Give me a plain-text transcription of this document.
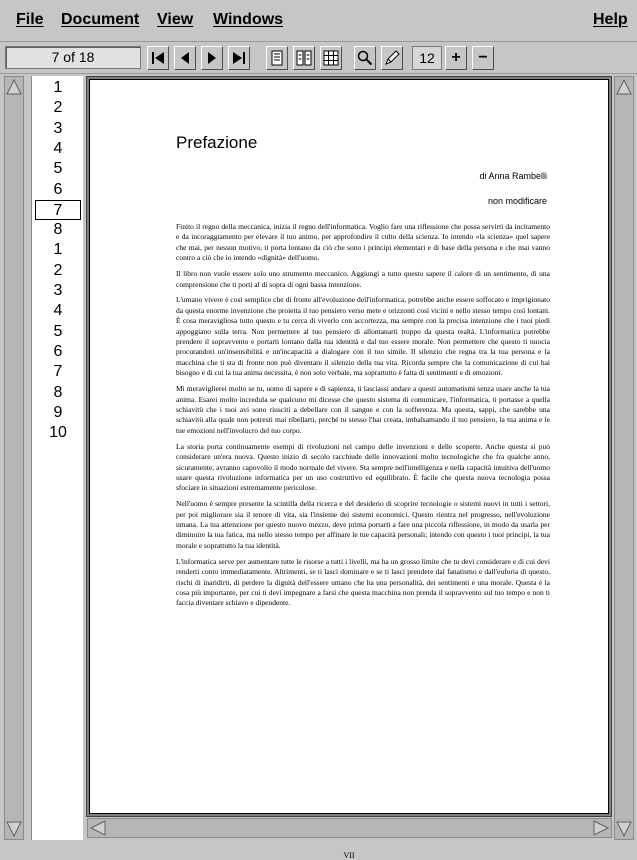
File Document View Windows	Help
7 of 18	12	+	−
1
2
3
4
5
6
7
8
1
2
3
4
5
6
7
8
9
10
Prefazione
di Anna Rambelli
non modificare

Finito il regno della meccanica, inizia il regno dell'informatica. Voglio fare una riflessione che possa servirti da incitamento e da incoraggiamento per elevare il tuo animo, per approfondire il culto della scienza. Io intendo «la scienza» quel sapere che mai, per nessun motivo, ti porta lontano da ciò che sono i principi elementari e di base della persona e che mai vanno contro a ciò che io intendo «dignità» dell'uomo.

Il libro non vuole essere solo uno strumento meccanico. Aggiungi a tutto questo sapere il calore di un sentimento, di una comprensione che ti porti al di sopra di ogni bassa intenzione.

L'umano vivere è così semplice che di fronte all'evoluzione dell'informatica, potrebbe anche essere soffocato e imprigionato da questa enorme invenzione che proietta il tuo pensiero verso mete e orizzonti così vicini e nello stesso tempo così lontani. È cosa meravigliosa tutto questo e tu cerca di viverlo con accortezza, ma sempre con la precisa intenzione che i tuoi piedi appoggiano sulla terra. Non permettere al tuo pensiero di allontanarti troppo da questa realtà. L'informatica potrebbe prendere il sopravvento e portarti lontano dalla tua identità e dal tuo essere morale. Non permettere che questo ti nuocia procurandoti un'insensibilità e un'incapacità a dialogare con il tuo simile. Il silenzio che regna tra la tua persona e la macchina che ti sta di fronte non può diventare il silenzio della tua vita. Ricorda sempre che la comunicazione di cui hai bisogno e di cui la tua anima necessita, è non solo verbale, ma soprattutto è fatta di sentimenti e di emozioni.

Mi meraviglierei molto se tu, uomo di sapere e di sapienza, ti lasciassi andare a questi automatismi senza usare anche la tua anima. Esarei molto incredula se qualcuno mi dicesse che questo sistema di comunicare, l'informatica, ti portasse a quella schiavitù che i tuoi avi sono riusciti a debellare con il sangue e con la sofferenza. Ma questa, sappi, che sarebbe una schiavitù alla quale non potresti mai ribellarti, perché tu stesso l'hai creata, imbalsamando il tuo pensiero, la tua anima e le tue emozioni nell'involucro del tuo corpo.

La storia porta continuamente esempi di rivoluzioni nel campo delle invenzioni e delle scoperte. Anche questa si può considerare un'era nuova. Questo inizio di secolo racchiude delle innovazioni molto tecnologiche che fra qualche anno, sicuramente, avranno capovolto il modo normale del vivere. Sta sempre nell'intelligenza e nella capacità intuitiva dell'uomo usare questa rivoluzione informatica per un uso costruttivo ed equilibrato. È facile che questa nuova tecnologia possa sfociare in situazioni estremamente pericolose.

Nell'uomo è sempre presente la scintilla della ricerca e del desiderio di scoprire tecnologie o sistemi nuovi in tutti i settori, per poi migliorare sia il tenore di vita, sia l'insieme dei sistemi economici. Questo rientra nel progresso, nell'evoluzione umana. La tua attenzione per questo nuovo mezzo, deve prima portarti a fare una piccola riflessione, in modo da usarla per diminuire la tua fatica, ma nello stesso tempo per affinare le tue capacità personali; intendo con questo i tuoi principi, la tua morale e soprattutto la tua identità.

L'informatica serve per aumentare tutte le risorse a tutti i livelli, ma ha un grosso limite che tu devi considerare e di cui devi renderti conto immediatamente. Altrimenti, se ti lasci dominare e se ti lasci prendere dal fanatismo e dall'euforia di questo, rischi di inaridirti, di perdere la dignità dell'essere umano che ha una personalità, dei sentimenti e una morale. Questa è la cosa più importante, per cui ti devi impegnare a farsì che questa macchina non prenda il sopravvento sul tuo tempo e non ti faccia diventare schiavo e dipendente.

VII
